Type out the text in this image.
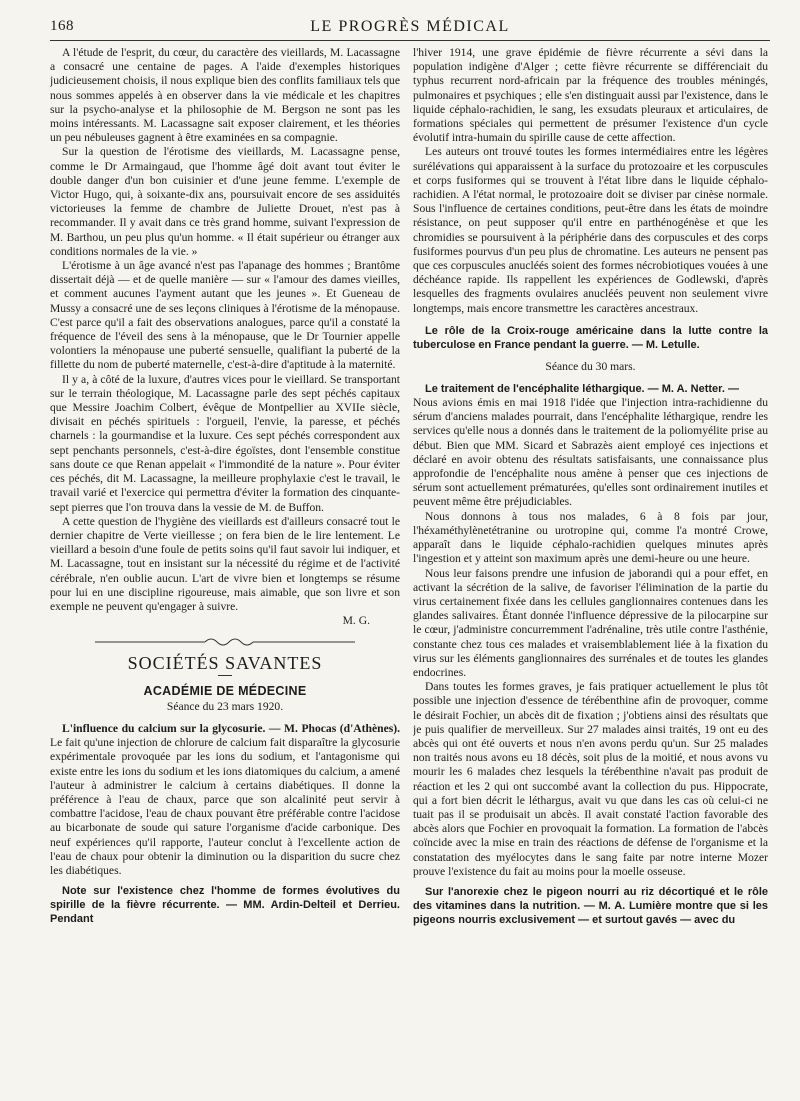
168	LE PROGRÈS MÉDICAL

A l'étude de l'esprit, du cœur, du caractère des vieillards, M. Lacassagne a consacré une centaine de pages. A l'aide d'exemples historiques judicieusement choisis, il nous explique bien des conflits familiaux tels que nous sommes appelés à en observer dans la vie médicale et les chapitres sur la psycho-analyse et la philosophie de M. Bergson ne sont pas les moins intéressants. M. Lacassagne sait exposer clairement, et les théories un peu nébuleuses gagnent à être examinées en sa compagnie.

Sur la question de l'érotisme des vieillards, M. Lacassagne pense, comme le Dr Armaingaud, que l'homme âgé doit avant tout éviter le double danger d'un bon cuisinier et d'une jeune femme. L'exemple de Victor Hugo, qui, à soixante-dix ans, poursuivait encore de ses assiduités victorieuses la femme de chambre de Juliette Drouet, n'est pas à recommander. Il y avait dans ce très grand homme, suivant l'expression de M. Barthou, un peu plus qu'un homme. « Il était supérieur ou étranger aux conditions normales de la vie. »

L'érotisme à un âge avancé n'est pas l'apanage des hommes ; Brantôme dissertait déjà — et de quelle manière — sur « l'amour des dames vieilles, et comment aucunes l'ayment autant que les jeunes ». Et Gueneau de Mussy a consacré une de ses leçons cliniques à l'érotisme de la ménopause. C'est parce qu'il a fait des observations analogues, parce qu'il a constaté la fréquence de l'éveil des sens à la ménopause, que le Dr Tournier appelle volontiers la ménopause une puberté sensuelle, qualifiant la puberté de la fillette du nom de puberté maternelle, c'est-à-dire d'aptitude à la maternité.

Il y a, à côté de la luxure, d'autres vices pour le vieillard. Se transportant sur le terrain théologique, M. Lacassagne parle des sept péchés capitaux que Messire Joachim Colbert, évêque de Montpellier au XVIIe siècle, divisait en péchés spirituels : l'orgueil, l'envie, la paresse, et péchés charnels : la gourmandise et la luxure. Ces sept péchés correspondent aux sept penchants personnels, c'est-à-dire égoïstes, dont l'ensemble constitue sans doute ce que Renan appelait « l'immondité de la nature ». Pour éviter ces péchés, dit M. Lacassagne, la meilleure prophylaxie c'est le travail, le travail varié et l'exercice qui permettra d'éviter la formation des cinquante-sept pierres que l'on trouva dans la vessie de M. de Buffon.

A cette question de l'hygiène des vieillards est d'ailleurs consacré tout le dernier chapitre de Verte vieillesse ; on fera bien de le lire lentement. Le vieillard a besoin d'une foule de petits soins qu'il faut savoir lui indiquer, et M. Lacassagne, tout en insistant sur la nécessité du régime et de l'activité cérébrale, n'en oublie aucun. L'art de vivre bien et longtemps se résume pour lui en une discipline rigoureuse, mais aimable, que son livre et son exemple ne peuvent qu'engager à suivre.

M. G.
SOCIÉTÉS SAVANTES
ACADÉMIE DE MÉDECINE
Séance du 23 mars 1920.

L'influence du calcium sur la glycosurie. — M. Phocas (d'Athènes). Le fait qu'une injection de chlorure de calcium fait disparaître la glycosurie expérimentale provoquée par les ions du sodium, et l'antagonisme qui existe entre les ions du sodium et les ions diatomiques du calcium, a amené l'auteur à administrer le calcium à certains diabétiques. Il donne la préférence à l'eau de chaux, parce que son alcalinité peut servir à combattre l'acidose, l'eau de chaux pouvant être préférable contre l'acidose au bicarbonate de soude qui sature l'organisme d'acide carbonique. Des neuf expériences qu'il rapporte, l'auteur conclut à l'excellente action de l'eau de chaux pour obtenir la diminution ou la disparition du sucre chez les diabétiques.

Note sur l'existence chez l'homme de formes évolutives du spirille de la fièvre récurrente. — MM. Ardin-Delteil et Derrieu. Pendant

l'hiver 1914, une grave épidémie de fièvre récurrente a sévi dans la population indigène d'Alger ; cette fièvre récurrente se différenciait du typhus recurrent nord-africain par la fréquence des troubles méningés, pulmonaires et psychiques ; elle s'en distinguait aussi par l'existence, dans le liquide céphalo-rachidien, le sang, les exsudats pleuraux et articulaires, de formations spéciales qui permettent de présumer l'existence d'un cycle évolutif intra-humain du spirille cause de cette affection.

Les auteurs ont trouvé toutes les formes intermédiaires entre les légères surélévations qui apparaissent à la surface du protozoaire et les corpuscules et corps fusiformes qui se trouvent à l'état libre dans le liquide céphalo-rachidien. A l'état normal, le protozoaire doit se diviser par cinèse normale. Sous l'influence de certaines conditions, peut-être dans les états de moindre résistance, on peut supposer qu'il entre en parthénogénèse et que les chromidies se poursuivent à la périphérie dans des corpuscules et des corps fusiformes pourvus d'un peu plus de chromatine. Les auteurs ne pensent pas que ces corpuscules anucléés soient des formes nécrobiotiques vouées à une déchéance rapide. Ils rappellent les expériences de Godlewski, d'après lesquelles des fragments ovulaires anucléés peuvent non seulement vivre longtemps, mais encore transmettre les caractères ancestraux.

Le rôle de la Croix-rouge américaine dans la lutte contre la tuberculose en France pendant la guerre. — M. Letulle.
Séance du 30 mars.
Le traitement de l'encéphalite léthargique. — M. A. Netter. —

Nous avions émis en mai 1918 l'idée que l'injection intra-rachidienne du sérum d'anciens malades pourrait, dans l'encéphalite léthargique, rendre les services qu'elle nous a donnés dans le traitement de la poliomyélite prise au début. Bien que MM. Sicard et Sabrazès aient employé ces injections et déclaré en avoir obtenu des résultats satisfaisants, une connaissance plus approfondie de l'encéphalite nous amène à penser que ces injections de sérum sont actuellement prématurées, qu'elles sont ordinairement inutiles et peuvent même être préjudiciables.

Nous donnons à tous nos malades, 6 à 8 fois par jour, l'héxaméthylènetétranine ou urotropine qui, comme l'a montré Crowe, apparaît dans le liquide céphalo-rachidien quelques minutes après l'ingestion et y atteint son maximum après une demi-heure ou une heure.

Nous leur faisons prendre une infusion de jaborandi qui a pour effet, en activant la sécrétion de la salive, de favoriser l'élimination de la partie du virus certainement fixée dans les cellules ganglionnaires contenues dans les glandes salivaires. Étant donnée l'influence dépressive de la pilocarpine sur le cœur, j'administre concurremment l'adrénaline, très utile contre l'asthénie, constante chez tous ces malades et vraisemblablement liée à la fixation du virus sur les éléments ganglionnaires des surrénales et de toutes les glandes endocrines.

Dans toutes les formes graves, je fais pratiquer actuellement le plus tôt possible une injection d'essence de térébenthine afin de provoquer, comme le désirait Fochier, un abcès dit de fixation ; j'obtiens ainsi des résultats que je puis qualifier de merveilleux. Sur 27 malades ainsi traités, 19 ont eu des abcès qui ont été ouverts et nous n'en avons perdu qu'un. Sur 25 malades non traités nous avons eu 18 décès, soit plus de la moitié, et nous avons vu mourir les 6 malades chez lesquels la térébenthine n'avait pas produit de réaction et les 2 qui ont succombé avant la collection du pus. Hippocrate, qui a fort bien décrit le léthargus, avait vu que dans les cas où celui-ci ne tuait pas il se produisait un abcès. Il avait constaté l'action favorable des abcès alors que Fochier en provoquait la formation. La formation de l'abcès coïncide avec la mise en train des réactions de défense de l'organisme et la constatation des myélocytes dans le sang faite par notre interne Mozer prouve l'existence du fait au moins pour la moelle osseuse.

Sur l'anorexie chez le pigeon nourri au riz décortiqué et le rôle des vitamines dans la nutrition. — M. A. Lumière montre que si les pigeons nourris exclusivement — et surtout gavés — avec du
